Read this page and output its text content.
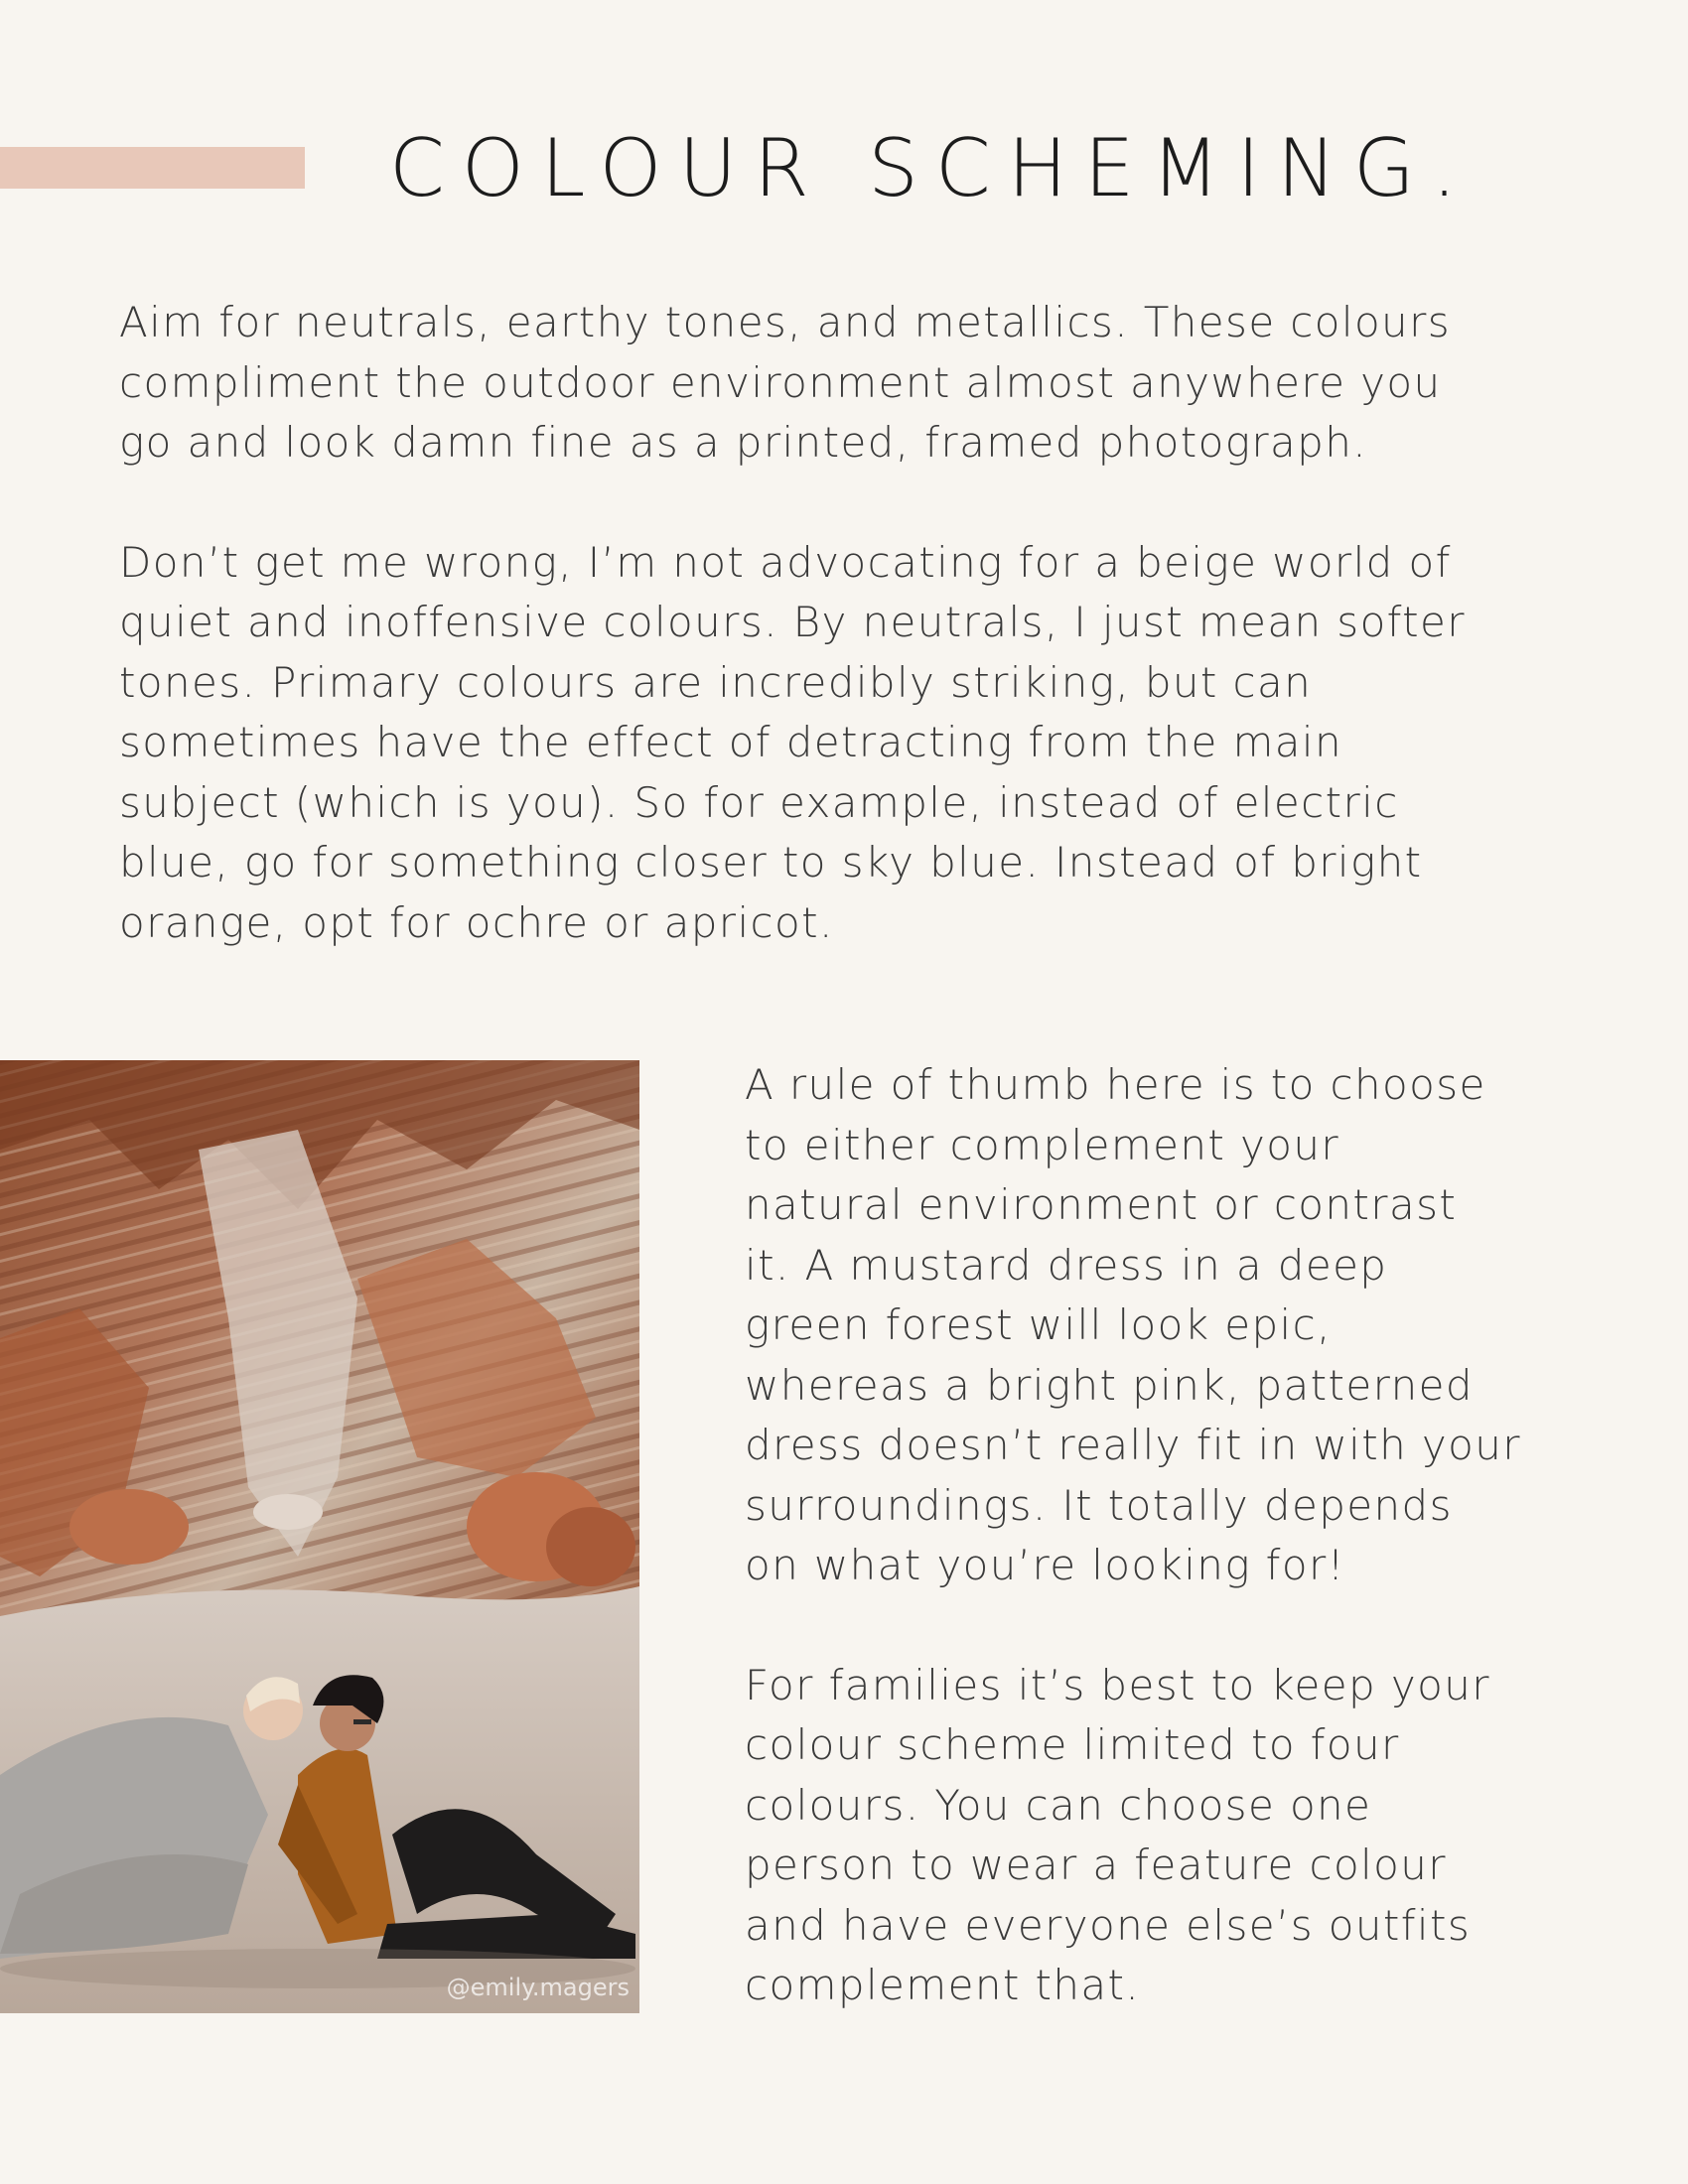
COLOUR SCHEMING.

Aim for neutrals, earthy tones, and metallics. These colours
compliment the outdoor environment almost anywhere you
go and look damn fine as a printed, framed photograph.

Don’t get me wrong, I’m not advocating for a beige world of
quiet and inoffensive colours. By neutrals, I just mean softer
tones. Primary colours are incredibly striking, but can
sometimes have the effect of detracting from the main
subject (which is you). So for example, instead of electric
blue, go for something closer to sky blue. Instead of bright
orange, opt for ochre or apricot.

@emily.magers

A rule of thumb here is to choose
to either complement your
natural environment or contrast
it. A mustard dress in a deep
green forest will look epic,
whereas a bright pink, patterned
dress doesn’t really fit in with your
surroundings. It totally depends
on what you’re looking for!

For families it’s best to keep your
colour scheme limited to four
colours. You can choose one
person to wear a feature colour
and have everyone else’s outfits
complement that.
